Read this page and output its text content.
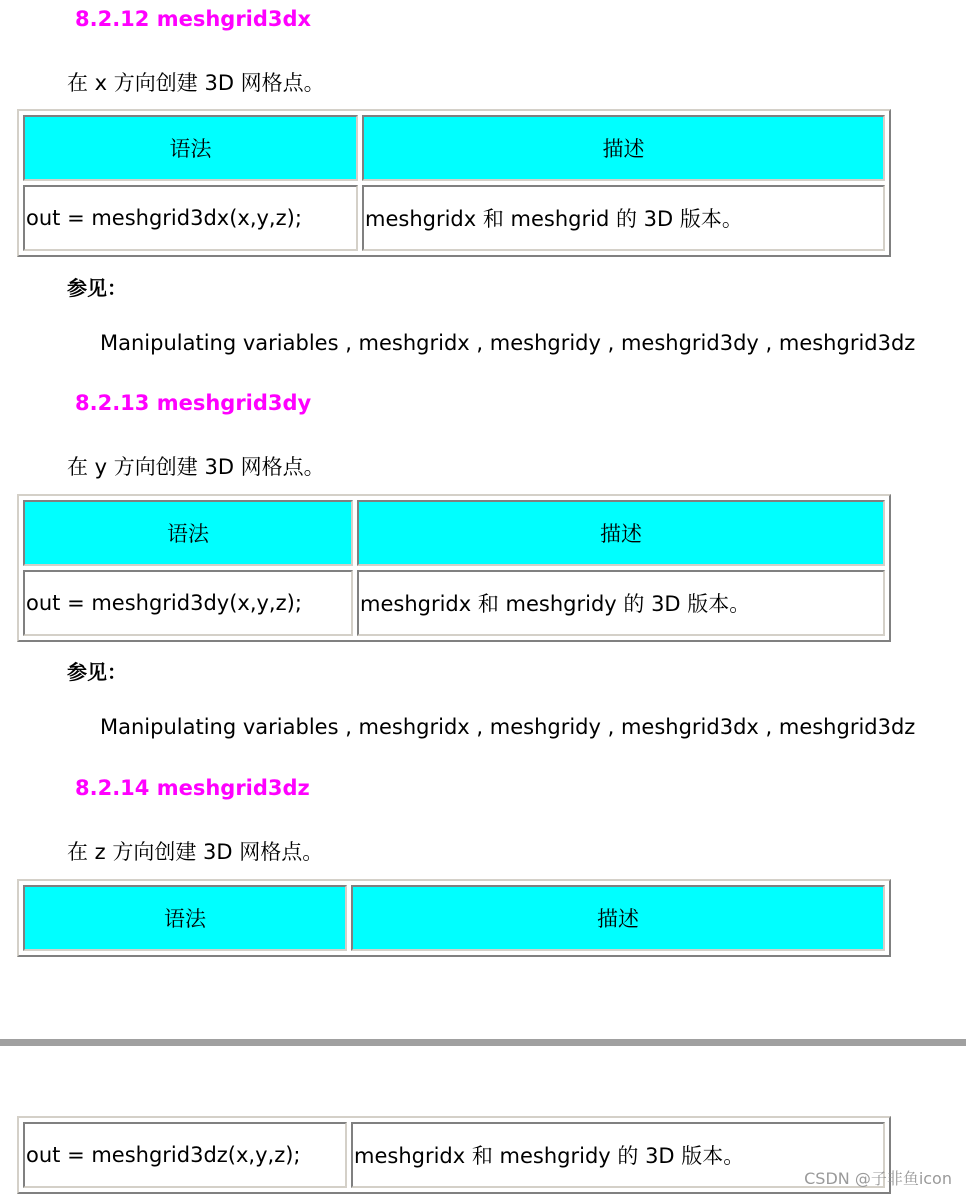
8.2.12 meshgrid3dx
在 x 方向创建 3D 网格点。
语法	描述
out = meshgrid3dx(x,y,z);	meshgridx 和 meshgrid 的 3D 版本。
参见：
Manipulating variables , meshgridx , meshgridy , meshgrid3dy , meshgrid3dz
8.2.13 meshgrid3dy
在 y 方向创建 3D 网格点。
语法	描述
out = meshgrid3dy(x,y,z);	meshgridx 和 meshgridy 的 3D 版本。
参见：
Manipulating variables , meshgridx , meshgridy , meshgrid3dx , meshgrid3dz
8.2.14 meshgrid3dz
在 z 方向创建 3D 网格点。
语法	描述
out = meshgrid3dz(x,y,z);	meshgridx 和 meshgridy 的 3D 版本。
CSDN @子非鱼icon
